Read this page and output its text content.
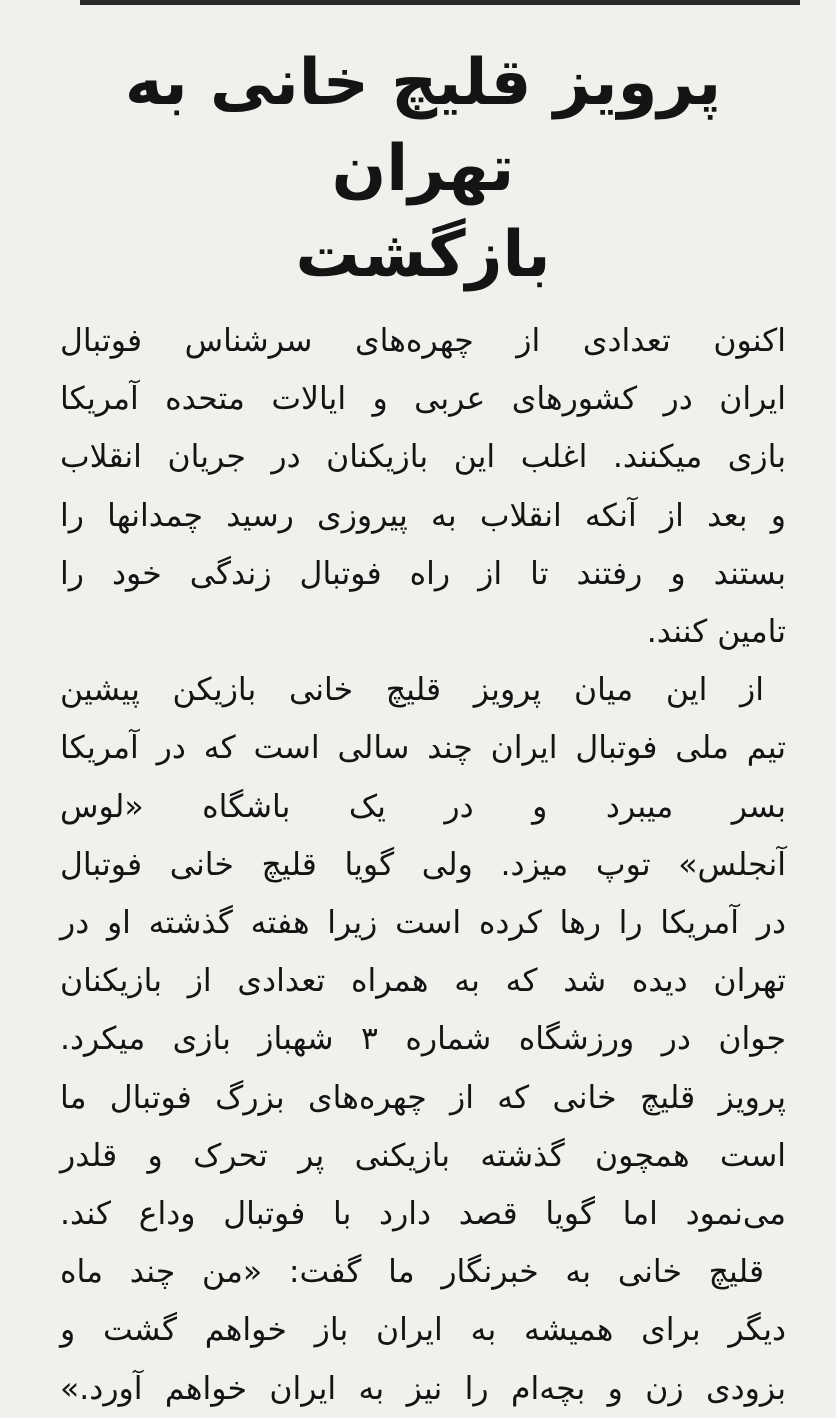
پرویز قلیچ خانی به تهران
بازگشت

اکنون تعدادی از چهره‌های سرشناس فوتبال
ایران در کشورهای عربی و ایالات متحده آمریکا
بازی میکنند. اغلب این بازیکنان در جریان انقلاب
و بعد از آنکه انقلاب به پیروزی رسید چمدانها را
بستند و رفتند تا از راه فوتبال زندگی خود را
تامین کنند.

از این میان پرویز قلیچ خانی بازیکن پیشین
تیم ملی فوتبال ایران چند سالی است که در آمریکا
بسر میبرد و در یک باشگاه «لوس
آنجلس» توپ میزد. ولی گویا قلیچ خانی فوتبال
در آمریکا را رها کرده است زیرا هفته گذشته او در
تهران دیده شد که به همراه تعدادی از بازیکنان
جوان در ورزشگاه شماره ۳ شهباز بازی میکرد.
پرویز قلیچ خانی که از چهره‌های بزرگ فوتبال ما
است همچون گذشته بازیکنی پر تحرک و قلدر
می‌نمود اما گویا قصد دارد با فوتبال وداع کند.

قلیچ خانی به خبرنگار ما گفت: «من چند ماه
دیگر برای همیشه به ایران باز خواهم گشت و
بزودی زن و بچه‌ام را نیز به ایران خواهم آورد.»
